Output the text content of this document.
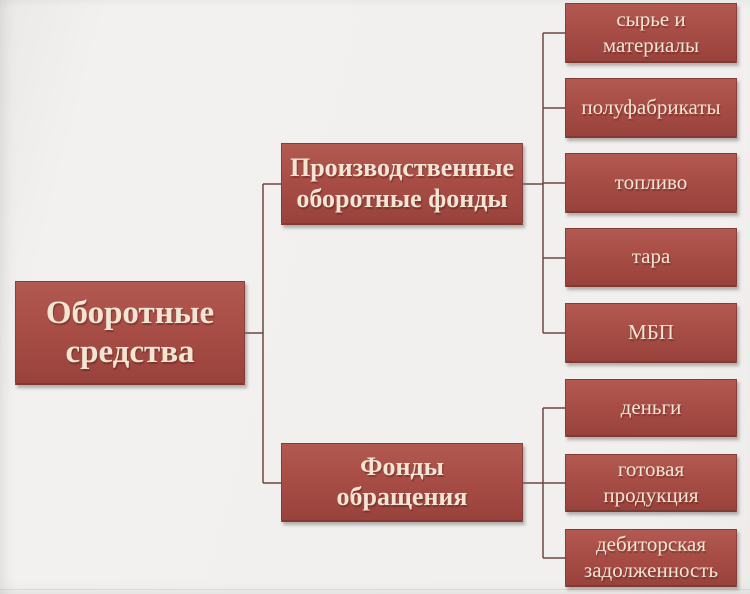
Оборотные средства
Производственные оборотные фонды
Фонды обращения
сырье и материалы
полуфабрикаты
топливо
тара
МБП
деньги
готовая продукция
дебиторская задолженность
